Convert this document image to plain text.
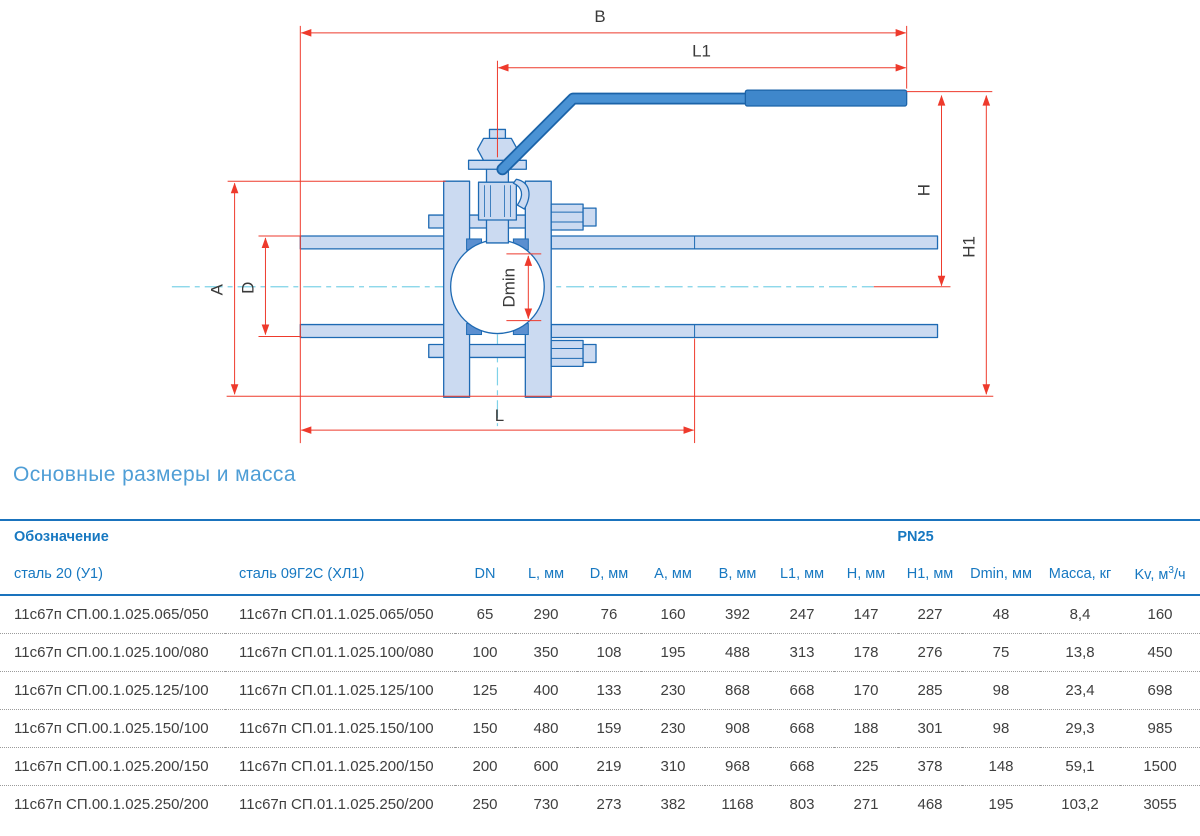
B
L1
H
H1
A D	Dmin
L
Основные размеры и масса
Обозначение		PN25										
сталь 20 (У1)	сталь 09Г2С (ХЛ1)	DN	L, мм	D, мм	A, мм	B, мм	L1, мм	H, мм	H1, мм	Dmin, мм	Масса, кг	Kv, $м^3/ч$
11с67п СП.00.1.025.065/050	11с67п СП.01.1.025.065/050	65	290	76	160	392	247	147	227	48	8,4	160
11с67п СП.00.1.025.100/080	11с67п СП.01.1.025.100/080	100	350	108	195	488	313	178	276	75	13,8	450
11с67п СП.00.1.025.125/100	11с67п СП.01.1.025.125/100	125	400	133	230	868	668	170	285	98	23,4	698
11с67п СП.00.1.025.150/100	11с67п СП.01.1.025.150/100	150	480	159	230	908	668	188	301	98	29,3	985
11с67п СП.00.1.025.200/150	11с67п СП.01.1.025.200/150	200	600	219	310	968	668	225	378	148	59,1	1500
11с67п СП.00.1.025.250/200	11с67п СП.01.1.025.250/200	250	730	273	382	1168	803	271	468	195	103,2	3055
